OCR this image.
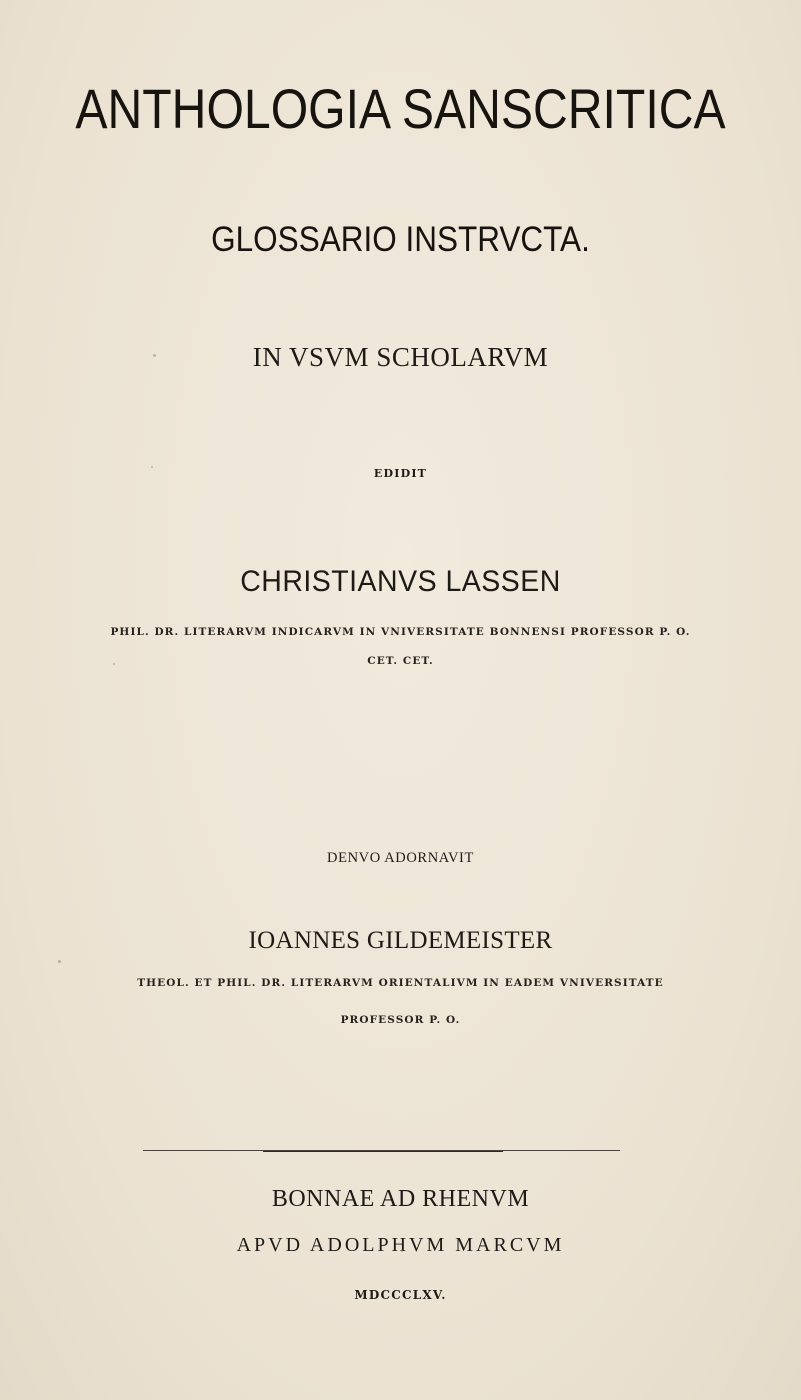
ANTHOLOGIA SANSCRITICA
GLOSSARIO INSTRVCTA.
IN VSVM SCHOLARVM
EDIDIT
CHRISTIANVS LASSEN
PHIL. DR. LITERARVM INDICARVM IN VNIVERSITATE BONNENSI PROFESSOR P. O.
CET. CET.
DENVO ADORNAVIT
IOANNES GILDEMEISTER
THEOL. ET PHIL. DR. LITERARVM ORIENTALIVM IN EADEM VNIVERSITATE
PROFESSOR P. O.
BONNAE AD RHENVM
APVD ADOLPHVM MARCVM
MDCCCLXV.
